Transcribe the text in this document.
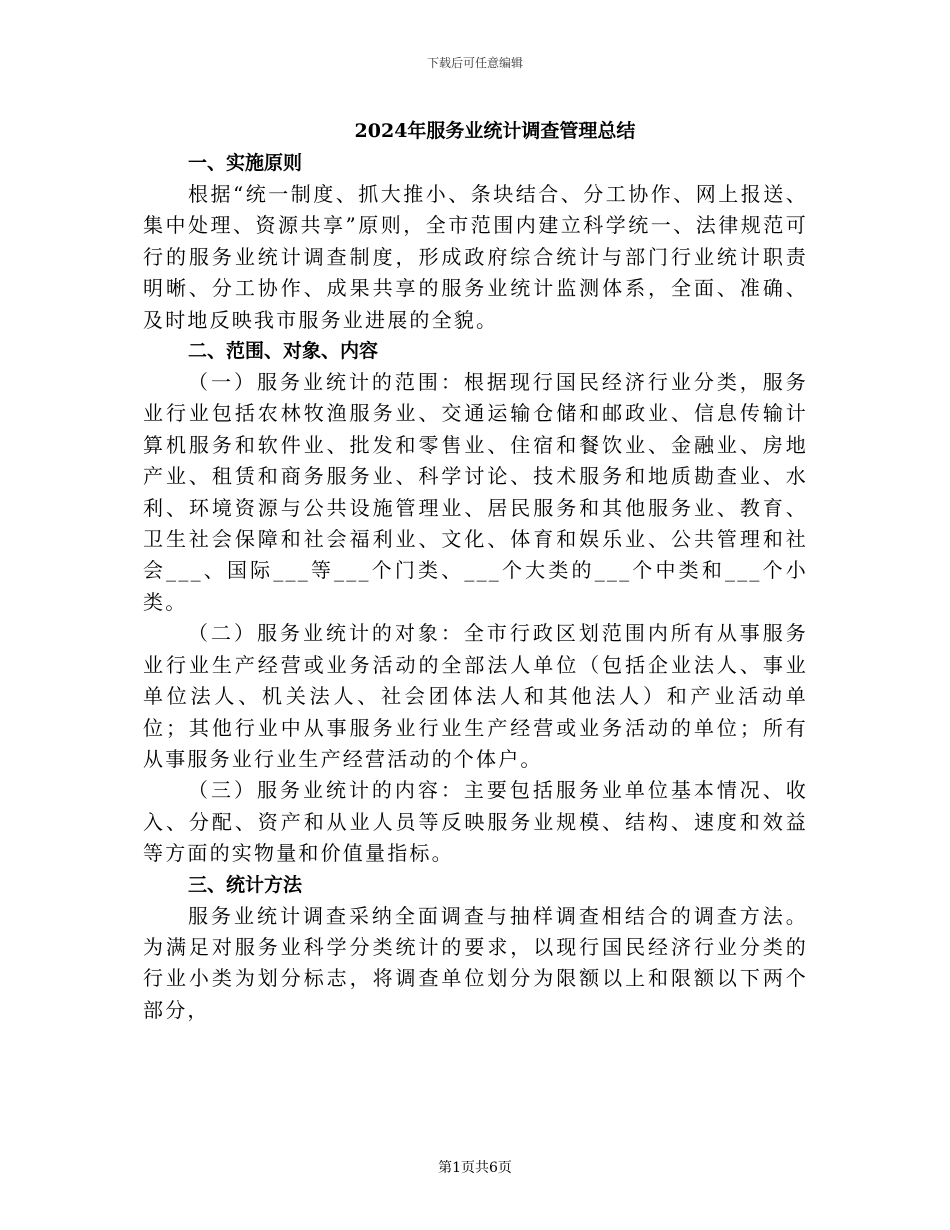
下载后可任意编辑
2024年服务业统计调查管理总结
一、实施原则

根据“统一制度、抓大推小、条块结合、分工协作、网上报送、集中处理、资源共享”原则，全市范围内建立科学统一、法律规范可行的服务业统计调查制度，形成政府综合统计与部门行业统计职责明晰、分工协作、成果共享的服务业统计监测体系，全面、准确、及时地反映我市服务业进展的全貌。

二、范围、对象、内容

（一）服务业统计的范围：根据现行国民经济行业分类，服务业行业包括农林牧渔服务业、交通运输仓储和邮政业、信息传输计算机服务和软件业、批发和零售业、住宿和餐饮业、金融业、房地产业、租赁和商务服务业、科学讨论、技术服务和地质勘查业、水利、环境资源与公共设施管理业、居民服务和其他服务业、教育、卫生社会保障和社会福利业、文化、体育和娱乐业、公共管理和社会___、国际___等___个门类、___个大类的___个中类和___个小类。

（二）服务业统计的对象：全市行政区划范围内所有从事服务业行业生产经营或业务活动的全部法人单位（包括企业法人、事业单位法人、机关法人、社会团体法人和其他法人）和产业活动单位；其他行业中从事服务业行业生产经营或业务活动的单位；所有从事服务业行业生产经营活动的个体户。

（三）服务业统计的内容：主要包括服务业单位基本情况、收入、分配、资产和从业人员等反映服务业规模、结构、速度和效益等方面的实物量和价值量指标。

三、统计方法

服务业统计调查采纳全面调查与抽样调查相结合的调查方法。为满足对服务业科学分类统计的要求，以现行国民经济行业分类的行业小类为划分标志，将调查单位划分为限额以上和限额以下两个部分，

第1页共6页
